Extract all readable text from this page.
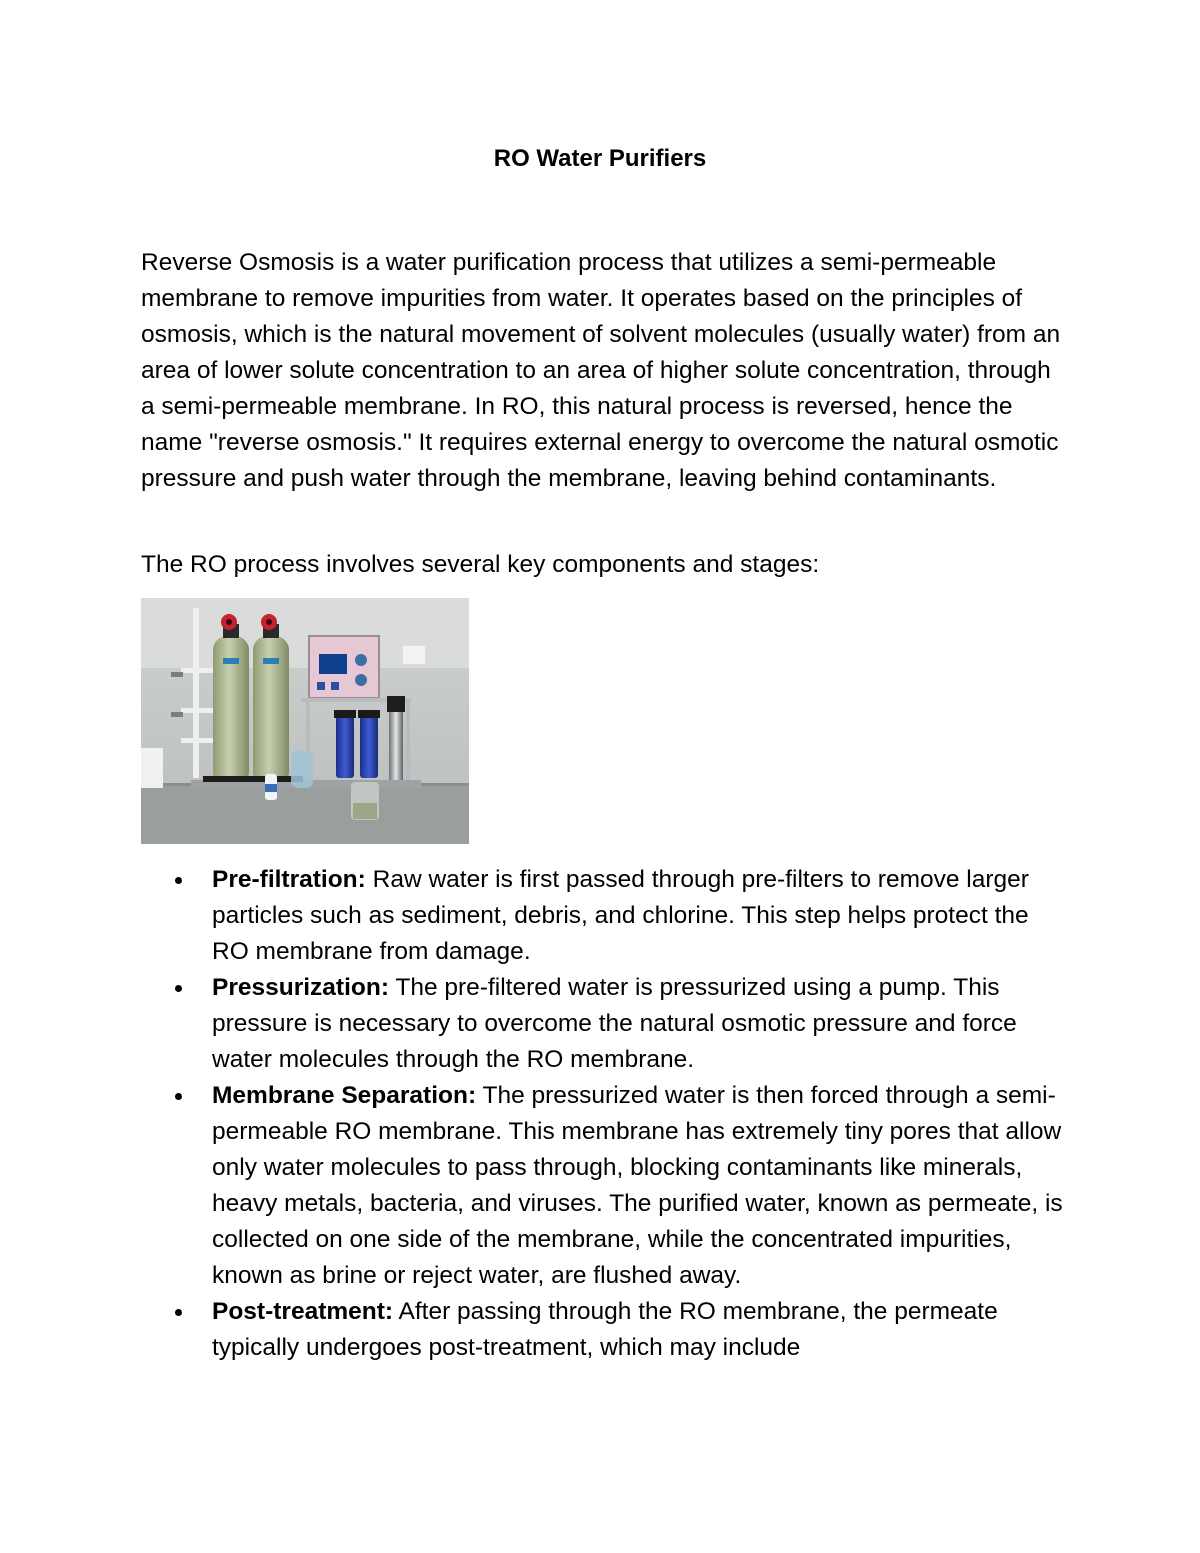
RO Water Purifiers

Reverse Osmosis is a water purification process that utilizes a semi-permeable membrane to remove impurities from water. It operates based on the principles of osmosis, which is the natural movement of solvent molecules (usually water) from an area of lower solute concentration to an area of higher solute concentration, through a semi-permeable membrane. In RO, this natural process is reversed, hence the name "reverse osmosis." It requires external energy to overcome the natural osmotic pressure and push water through the membrane, leaving behind contaminants.

The RO process involves several key components and stages:

Pre-filtration: Raw water is first passed through pre-filters to remove larger particles such as sediment, debris, and chlorine. This step helps protect the RO membrane from damage.
Pressurization: The pre-filtered water is pressurized using a pump. This pressure is necessary to overcome the natural osmotic pressure and force water molecules through the RO membrane.
Membrane Separation: The pressurized water is then forced through a semi-permeable RO membrane. This membrane has extremely tiny pores that allow only water molecules to pass through, blocking contaminants like minerals, heavy metals, bacteria, and viruses. The purified water, known as permeate, is collected on one side of the membrane, while the concentrated impurities, known as brine or reject water, are flushed away.
Post-treatment: After passing through the RO membrane, the permeate typically undergoes post-treatment, which may include
